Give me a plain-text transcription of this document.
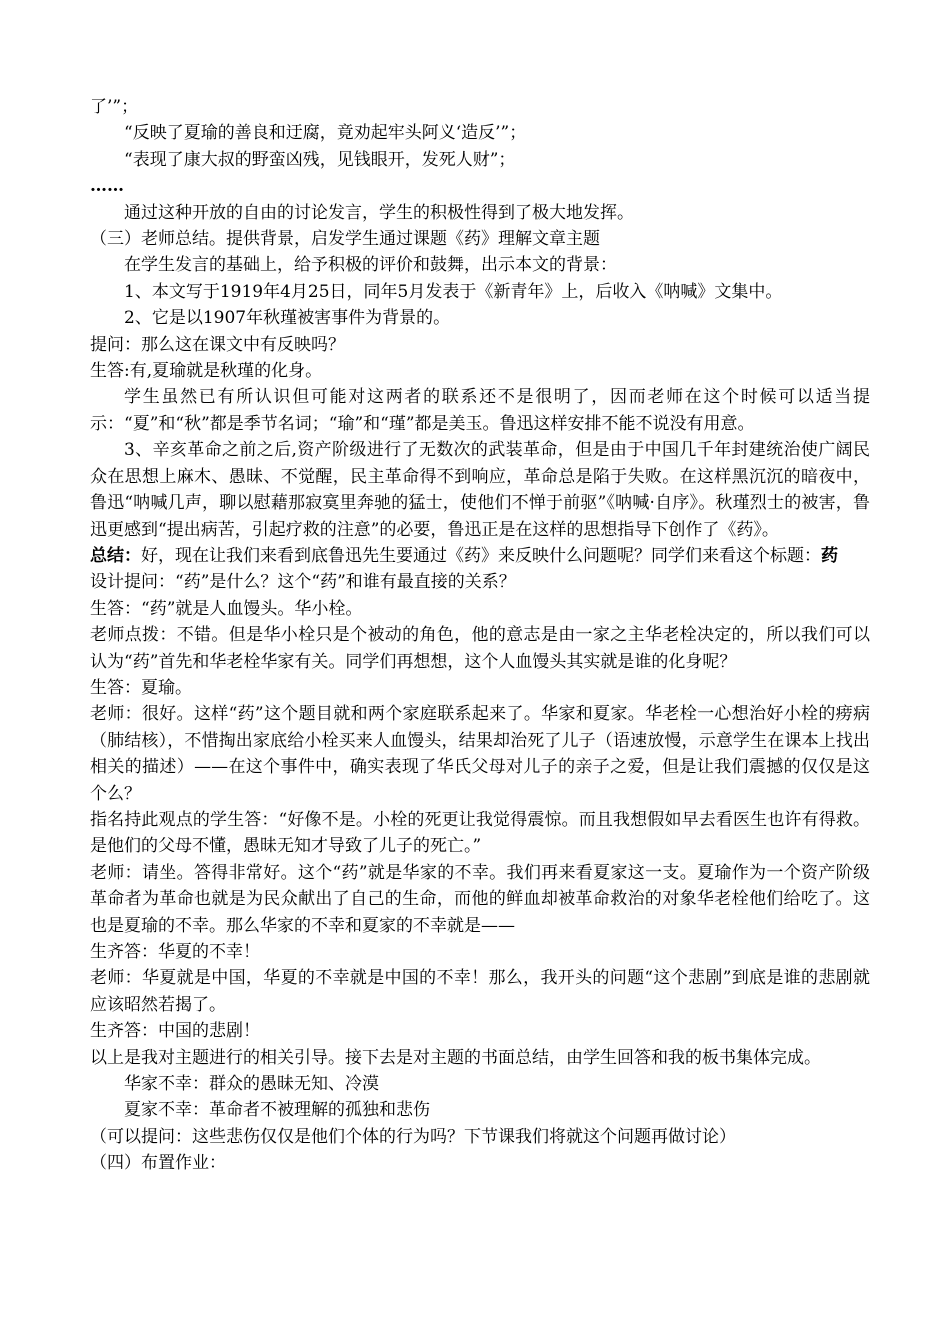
了’”；

“反映了夏瑜的善良和迂腐，竟劝起牢头阿义‘造反’”；

“表现了康大叔的野蛮凶残，见钱眼开，发死人财”；

……

通过这种开放的自由的讨论发言，学生的积极性得到了极大地发挥。

（三）老师总结。提供背景，启发学生通过课题《药》理解文章主题

在学生发言的基础上，给予积极的评价和鼓舞，出示本文的背景：

1、本文写于1919年4月25日，同年5月发表于《新青年》上，后收入《呐喊》文集中。

2、它是以1907年秋瑾被害事件为背景的。

提问：那么这在课文中有反映吗？

生答:有,夏瑜就是秋瑾的化身。

学生虽然已有所认识但可能对这两者的联系还不是很明了，因而老师在这个时候可以适当提示：“夏”和“秋”都是季节名词；“瑜”和“瑾”都是美玉。鲁迅这样安排不能不说没有用意。

3、辛亥革命之前之后,资产阶级进行了无数次的武装革命，但是由于中国几千年封建统治使广阔民众在思想上麻木、愚昧、不觉醒，民主革命得不到响应，革命总是陷于失败。在这样黑沉沉的暗夜中，鲁迅“呐喊几声，聊以慰藉那寂寞里奔驰的猛士，使他们不惮于前驱”《呐喊·自序》。秋瑾烈士的被害，鲁迅更感到“提出病苦，引起疗救的注意”的必要，鲁迅正是在这样的思想指导下创作了《药》。

总结：好，现在让我们来看到底鲁迅先生要通过《药》来反映什么问题呢？同学们来看这个标题：药

设计提问：“药”是什么？这个“药”和谁有最直接的关系？

生答：“药”就是人血馒头。华小栓。

老师点拨：不错。但是华小栓只是个被动的角色，他的意志是由一家之主华老栓决定的，所以我们可以认为“药”首先和华老栓华家有关。同学们再想想，这个人血馒头其实就是谁的化身呢？

生答：夏瑜。

老师：很好。这样“药”这个题目就和两个家庭联系起来了。华家和夏家。华老栓一心想治好小栓的痨病（肺结核），不惜掏出家底给小栓买来人血馒头，结果却治死了儿子（语速放慢，示意学生在课本上找出相关的描述）——在这个事件中，确实表现了华氏父母对儿子的亲子之爱，但是让我们震撼的仅仅是这个么？

指名持此观点的学生答：“好像不是。小栓的死更让我觉得震惊。而且我想假如早去看医生也许有得救。是他们的父母不懂，愚昧无知才导致了儿子的死亡。”

老师：请坐。答得非常好。这个“药”就是华家的不幸。我们再来看夏家这一支。夏瑜作为一个资产阶级革命者为革命也就是为民众献出了自己的生命，而他的鲜血却被革命救治的对象华老栓他们给吃了。这也是夏瑜的不幸。那么华家的不幸和夏家的不幸就是——

生齐答：华夏的不幸！

老师：华夏就是中国，华夏的不幸就是中国的不幸！那么，我开头的问题“这个悲剧”到底是谁的悲剧就应该昭然若揭了。

生齐答：中国的悲剧！

以上是我对主题进行的相关引导。接下去是对主题的书面总结，由学生回答和我的板书集体完成。

华家不幸：群众的愚昧无知、冷漠

夏家不幸：革命者不被理解的孤独和悲伤

（可以提问：这些悲伤仅仅是他们个体的行为吗？下节课我们将就这个问题再做讨论）

（四）布置作业：
